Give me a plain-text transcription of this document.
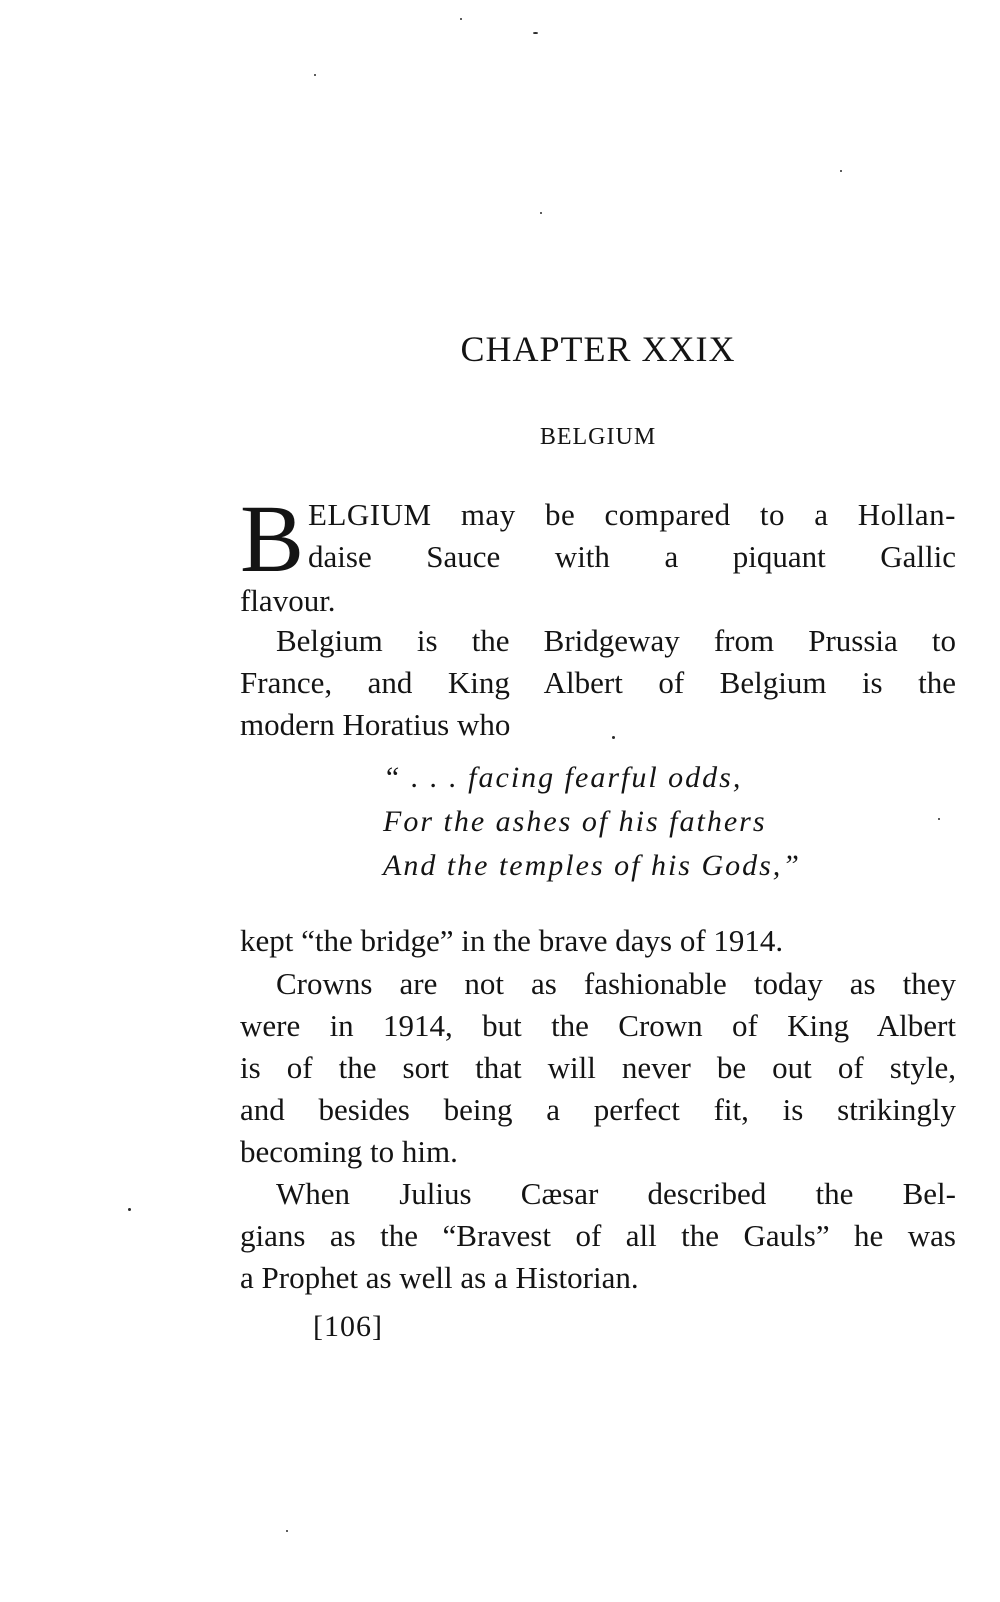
CHAPTER XXIX
BELGIUM
B ELGIUM may be compared to a Hollan-
daise Sauce with a piquant Gallic
flavour.
Belgium is the Bridgeway from Prussia to
France, and King Albert of Belgium is the
modern Horatius who
“ . . . facing fearful odds,
For the ashes of his fathers
And the temples of his Gods,”
kept “the bridge” in the brave days of 1914.
Crowns are not as fashionable today as they
were in 1914, but the Crown of King Albert
is of the sort that will never be out of style,
and besides being a perfect fit, is strikingly
becoming to him.
When Julius Cæsar described the Bel-
gians as the “Bravest of all the Gauls” he was
a Prophet as well as a Historian.
[106]
